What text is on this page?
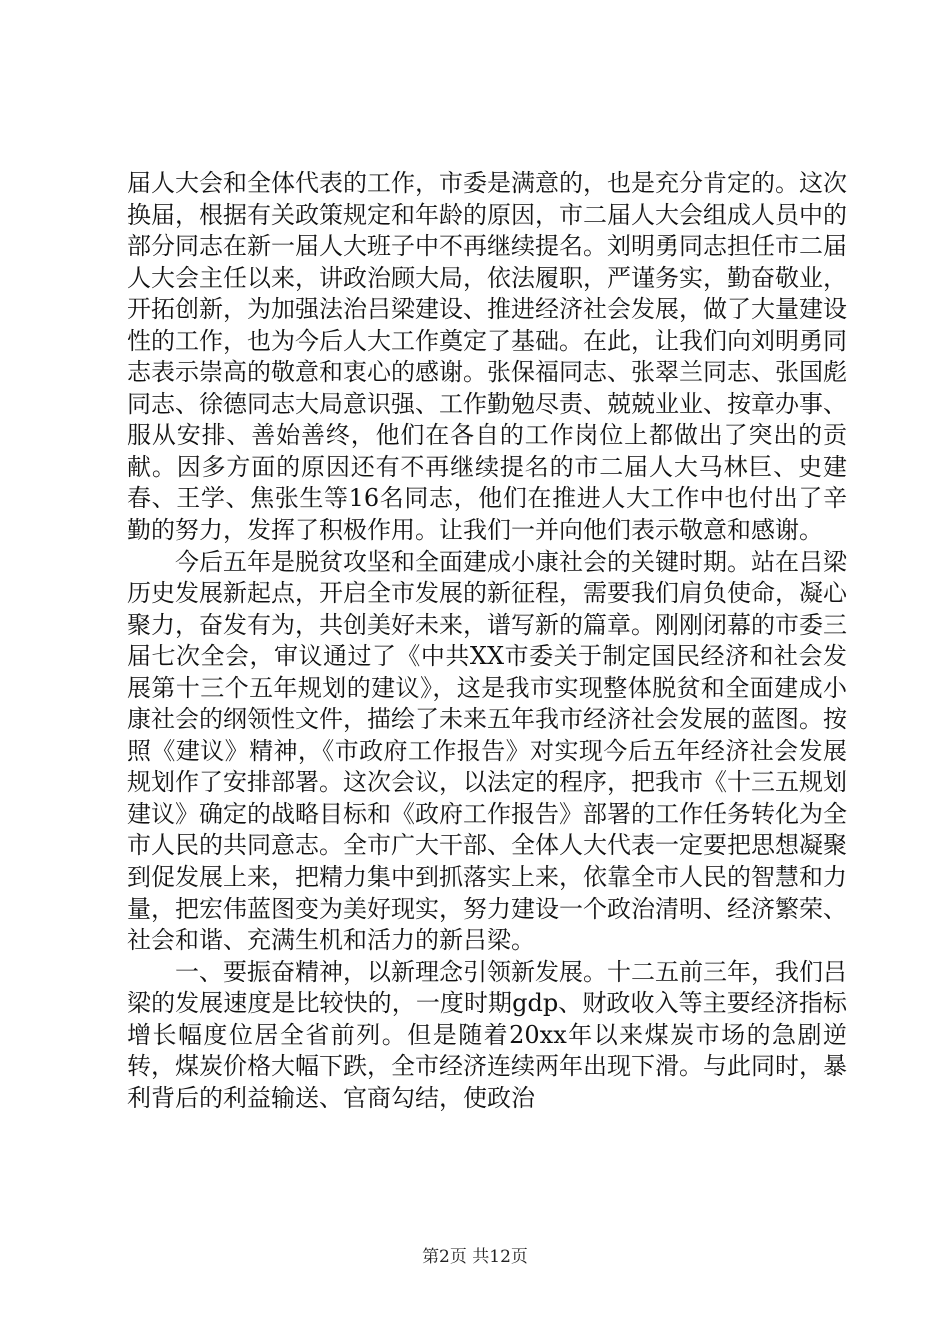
届人大会和全体代表的工作，市委是满意的，也是充分肯定的。这次换届，根据有关政策规定和年龄的原因，市二届人大会组成人员中的部分同志在新一届人大班子中不再继续提名。刘明勇同志担任市二届人大会主任以来，讲政治顾大局，依法履职，严谨务实，勤奋敬业，开拓创新，为加强法治吕梁建设、推进经济社会发展，做了大量建设性的工作，也为今后人大工作奠定了基础。在此，让我们向刘明勇同志表示崇高的敬意和衷心的感谢。张保福同志、张翠兰同志、张国彪同志、徐德同志大局意识强、工作勤勉尽责、兢兢业业、按章办事、服从安排、善始善终，他们在各自的工作岗位上都做出了突出的贡献。因多方面的原因还有不再继续提名的市二届人大马林巨、史建春、王学、焦张生等16名同志，他们在推进人大工作中也付出了辛勤的努力，发挥了积极作用。让我们一并向他们表示敬意和感谢。

今后五年是脱贫攻坚和全面建成小康社会的关键时期。站在吕梁历史发展新起点，开启全市发展的新征程，需要我们肩负使命，凝心聚力，奋发有为，共创美好未来，谱写新的篇章。刚刚闭幕的市委三届七次全会，审议通过了《中共XX市委关于制定国民经济和社会发展第十三个五年规划的建议》，这是我市实现整体脱贫和全面建成小康社会的纲领性文件，描绘了未来五年我市经济社会发展的蓝图。按照《建议》精神，《市政府工作报告》对实现今后五年经济社会发展规划作了安排部署。这次会议，以法定的程序，把我市《十三五规划建议》确定的战略目标和《政府工作报告》部署的工作任务转化为全市人民的共同意志。全市广大干部、全体人大代表一定要把思想凝聚到促发展上来，把精力集中到抓落实上来，依靠全市人民的智慧和力量，把宏伟蓝图变为美好现实，努力建设一个政治清明、经济繁荣、社会和谐、充满生机和活力的新吕梁。

一、要振奋精神，以新理念引领新发展。十二五前三年，我们吕梁的发展速度是比较快的，一度时期gdp、财政收入等主要经济指标增长幅度位居全省前列。但是随着20xx年以来煤炭市场的急剧逆转，煤炭价格大幅下跌，全市经济连续两年出现下滑。与此同时，暴利背后的利益输送、官商勾结，使政治

第2页 共12页
